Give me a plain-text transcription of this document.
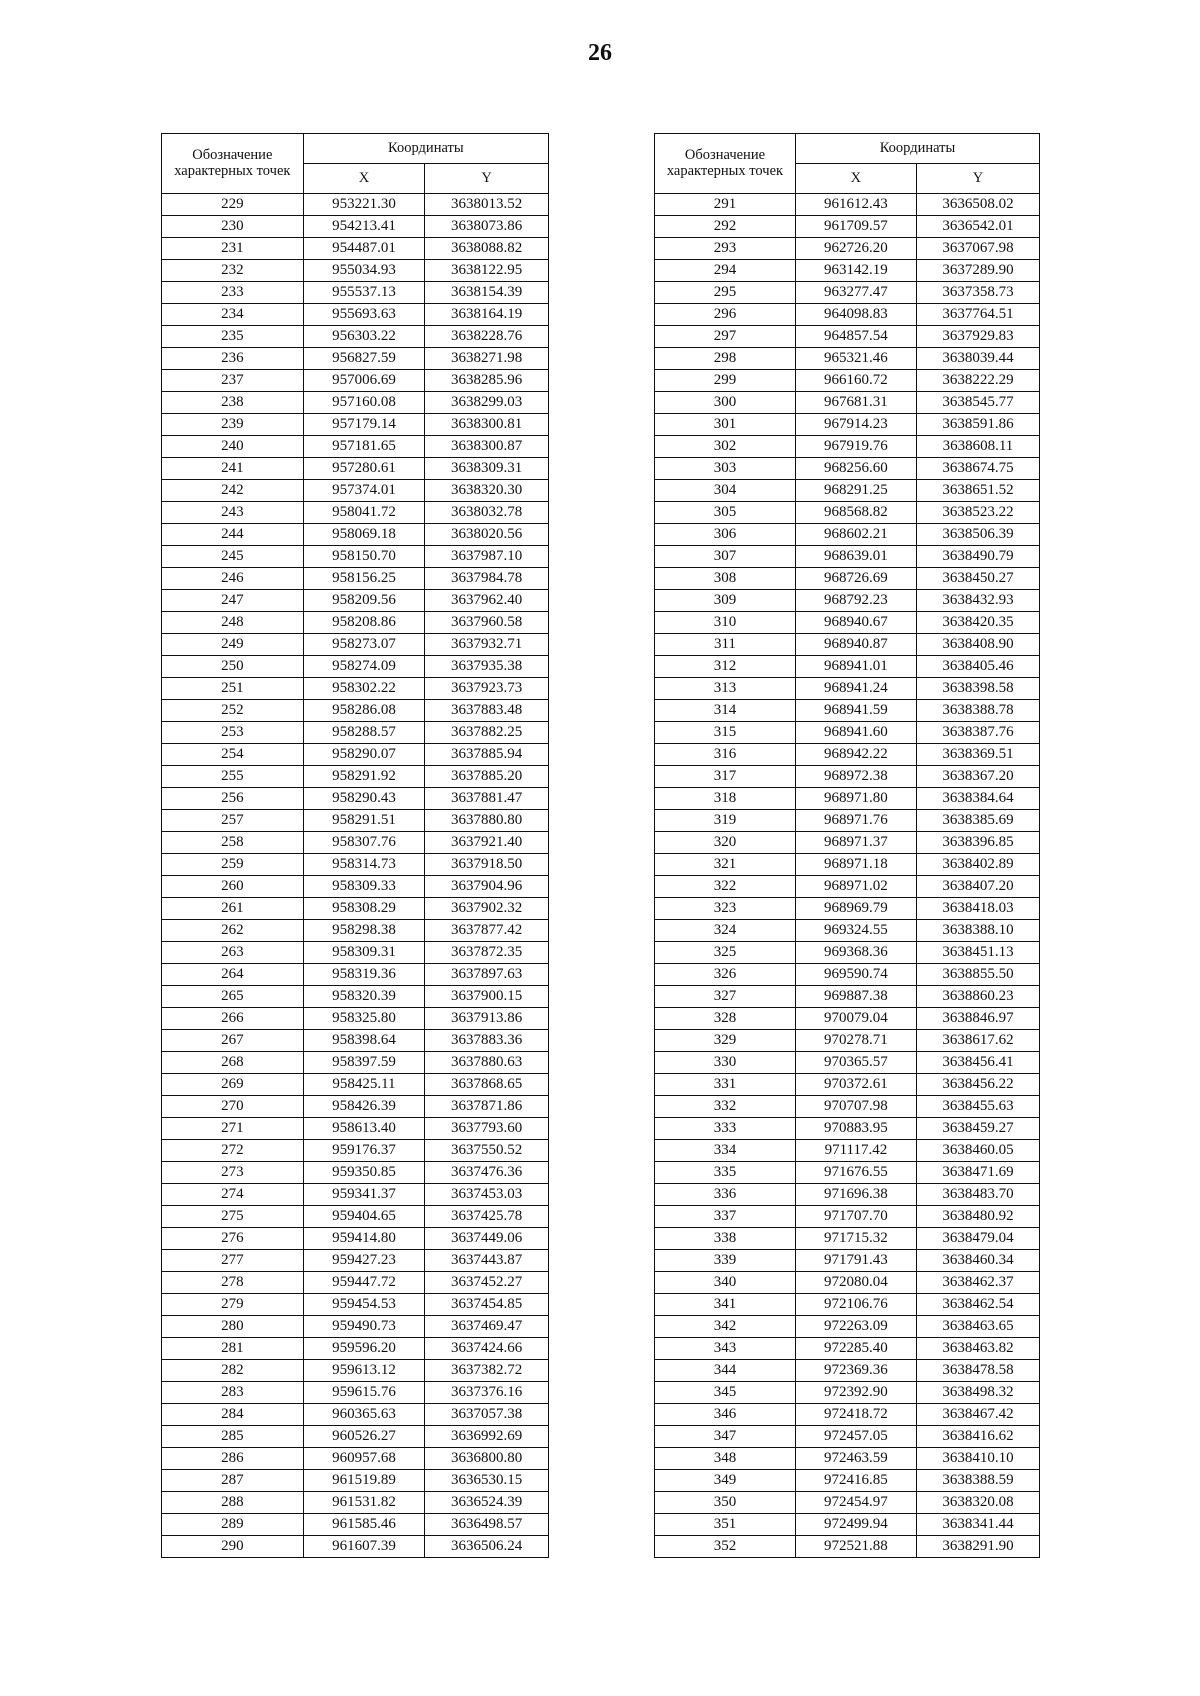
26
Обозначение характерных точек	Координаты	
	X	Y
229	953221.30	3638013.52
230	954213.41	3638073.86
231	954487.01	3638088.82
232	955034.93	3638122.95
233	955537.13	3638154.39
234	955693.63	3638164.19
235	956303.22	3638228.76
236	956827.59	3638271.98
237	957006.69	3638285.96
238	957160.08	3638299.03
239	957179.14	3638300.81
240	957181.65	3638300.87
241	957280.61	3638309.31
242	957374.01	3638320.30
243	958041.72	3638032.78
244	958069.18	3638020.56
245	958150.70	3637987.10
246	958156.25	3637984.78
247	958209.56	3637962.40
248	958208.86	3637960.58
249	958273.07	3637932.71
250	958274.09	3637935.38
251	958302.22	3637923.73
252	958286.08	3637883.48
253	958288.57	3637882.25
254	958290.07	3637885.94
255	958291.92	3637885.20
256	958290.43	3637881.47
257	958291.51	3637880.80
258	958307.76	3637921.40
259	958314.73	3637918.50
260	958309.33	3637904.96
261	958308.29	3637902.32
262	958298.38	3637877.42
263	958309.31	3637872.35
264	958319.36	3637897.63
265	958320.39	3637900.15
266	958325.80	3637913.86
267	958398.64	3637883.36
268	958397.59	3637880.63
269	958425.11	3637868.65
270	958426.39	3637871.86
271	958613.40	3637793.60
272	959176.37	3637550.52
273	959350.85	3637476.36
274	959341.37	3637453.03
275	959404.65	3637425.78
276	959414.80	3637449.06
277	959427.23	3637443.87
278	959447.72	3637452.27
279	959454.53	3637454.85
280	959490.73	3637469.47
281	959596.20	3637424.66
282	959613.12	3637382.72
283	959615.76	3637376.16
284	960365.63	3637057.38
285	960526.27	3636992.69
286	960957.68	3636800.80
287	961519.89	3636530.15
288	961531.82	3636524.39
289	961585.46	3636498.57
290	961607.39	3636506.24
Обозначение характерных точек	Координаты	
	X	Y
291	961612.43	3636508.02
292	961709.57	3636542.01
293	962726.20	3637067.98
294	963142.19	3637289.90
295	963277.47	3637358.73
296	964098.83	3637764.51
297	964857.54	3637929.83
298	965321.46	3638039.44
299	966160.72	3638222.29
300	967681.31	3638545.77
301	967914.23	3638591.86
302	967919.76	3638608.11
303	968256.60	3638674.75
304	968291.25	3638651.52
305	968568.82	3638523.22
306	968602.21	3638506.39
307	968639.01	3638490.79
308	968726.69	3638450.27
309	968792.23	3638432.93
310	968940.67	3638420.35
311	968940.87	3638408.90
312	968941.01	3638405.46
313	968941.24	3638398.58
314	968941.59	3638388.78
315	968941.60	3638387.76
316	968942.22	3638369.51
317	968972.38	3638367.20
318	968971.80	3638384.64
319	968971.76	3638385.69
320	968971.37	3638396.85
321	968971.18	3638402.89
322	968971.02	3638407.20
323	968969.79	3638418.03
324	969324.55	3638388.10
325	969368.36	3638451.13
326	969590.74	3638855.50
327	969887.38	3638860.23
328	970079.04	3638846.97
329	970278.71	3638617.62
330	970365.57	3638456.41
331	970372.61	3638456.22
332	970707.98	3638455.63
333	970883.95	3638459.27
334	971117.42	3638460.05
335	971676.55	3638471.69
336	971696.38	3638483.70
337	971707.70	3638480.92
338	971715.32	3638479.04
339	971791.43	3638460.34
340	972080.04	3638462.37
341	972106.76	3638462.54
342	972263.09	3638463.65
343	972285.40	3638463.82
344	972369.36	3638478.58
345	972392.90	3638498.32
346	972418.72	3638467.42
347	972457.05	3638416.62
348	972463.59	3638410.10
349	972416.85	3638388.59
350	972454.97	3638320.08
351	972499.94	3638341.44
352	972521.88	3638291.90
